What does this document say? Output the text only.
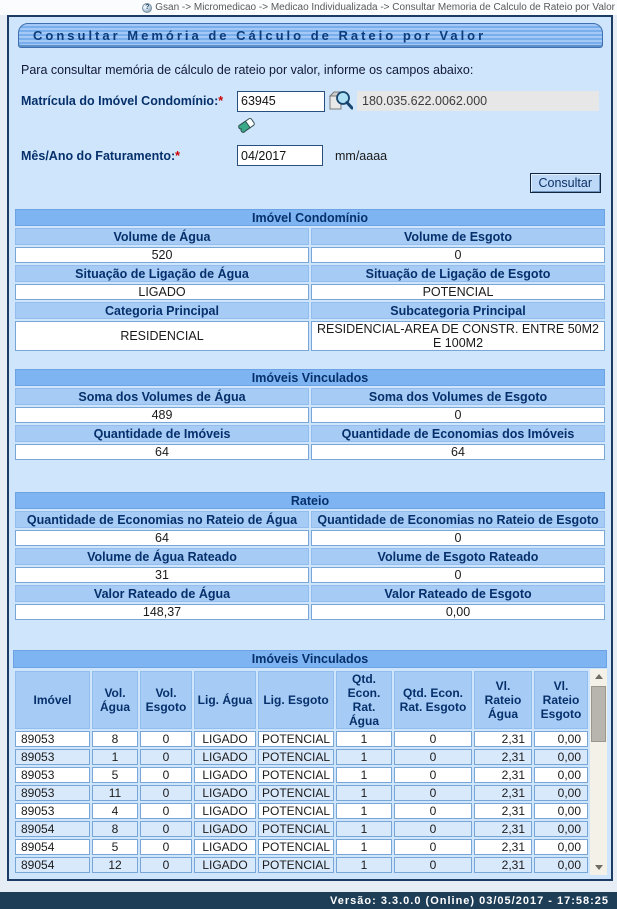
? Gsan -> Micromedicao -> Medicao Individualizada -> Consultar Memoria de Calculo de Rateio por Valor
Consultar Memória de Cálculo de Rateio por Valor
Para consultar memória de cálculo de rateio por valor, informe os campos abaixo:
Matrícula do Imóvel Condomínio:*
63945	180.035.622.0062.000
Mês/Ano do Faturamento:*
04/2017	mm/aaaa
Consultar
Imóvel Condomínio	
Volume de Água	Volume de Esgoto
520	0
Situação de Ligação de Água	Situação de Ligação de Esgoto
LIGADO	POTENCIAL
Categoria Principal	Subcategoria Principal
RESIDENCIAL	RESIDENCIAL-AREA DE CONSTR. ENTRE 50M2 E 100M2
Imóveis Vinculados	
Soma dos Volumes de Água	Soma dos Volumes de Esgoto
489	0
Quantidade de Imóveis	Quantidade de Economias dos Imóveis
64	64
Rateio	
Quantidade de Economias no Rateio de Água	Quantidade de Economias no Rateio de Esgoto
64	0
Volume de Água Rateado	Volume de Esgoto Rateado
31	0
Valor Rateado de Água	Valor Rateado de Esgoto
148,37	0,00
Imóveis Vinculados
Imóvel	Vol. Água	Vol. Esgoto	Lig. Água	Lig. Esgoto	Qtd. Econ. Rat. Água	Qtd. Econ. Rat. Esgoto	Vl. Rateio Água	Vl. Rateio Esgoto
89053	8	0	LIGADO	POTENCIAL	1	0	2,31	0,00
89053	1	0	LIGADO	POTENCIAL	1	0	2,31	0,00
89053	5	0	LIGADO	POTENCIAL	1	0	2,31	0,00
89053	11	0	LIGADO	POTENCIAL	1	0	2,31	0,00
89053	4	0	LIGADO	POTENCIAL	1	0	2,31	0,00
89054	8	0	LIGADO	POTENCIAL	1	0	2,31	0,00
89054	5	0	LIGADO	POTENCIAL	1	0	2,31	0,00
89054	12	0	LIGADO	POTENCIAL	1	0	2,31	0,00

Versão: 3.3.0.0 (Online) 03/05/2017 - 17:58:25
